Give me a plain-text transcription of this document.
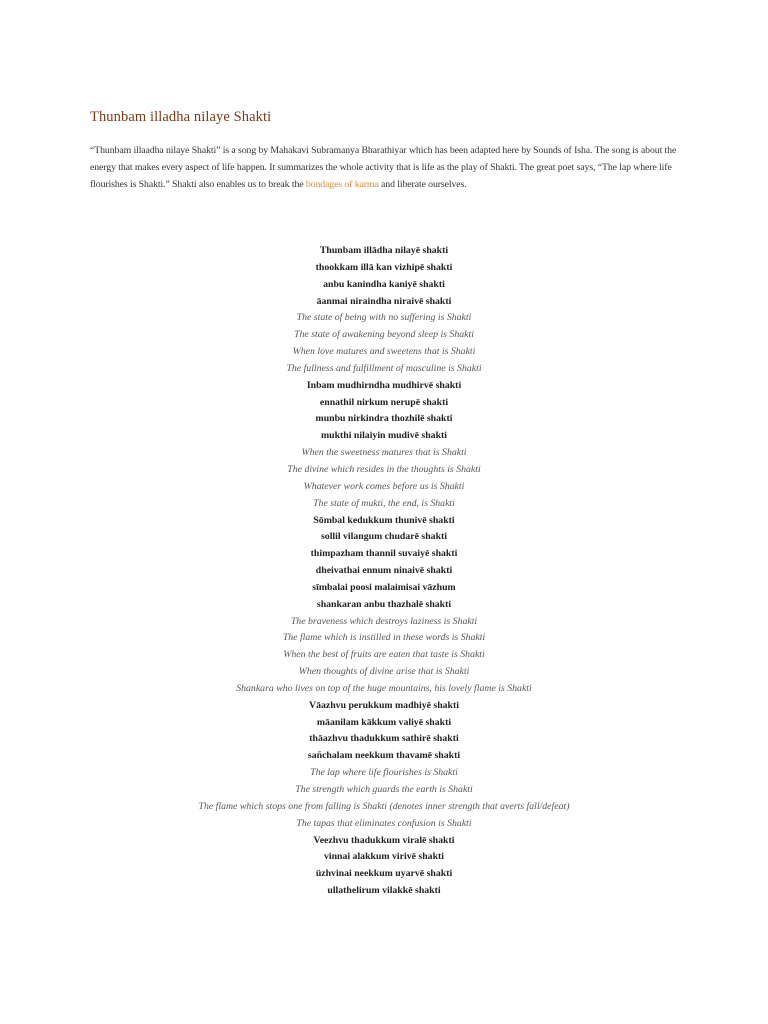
Thunbam illadha nilaye Shakti

“Thunbam illaadha nilaye Shakti” is a song by Mahakavi Subramanya Bharathiyar which has been adapted here by Sounds of Isha. The song is about the energy that makes every aspect of life happen. It summarizes the whole activity that is life as the play of Shakti. The great poet says, “The lap where life flourishes is Shakti.” Shakti also enables us to break the bondages of karma and liberate ourselves.

Thunbam illādha nilayē shakti
thookkam illā kan vizhipē shakti
anbu kanindha kaniyē shakti
āanmai niraindha niraivē shakti
The state of being with no suffering is Shakti
The state of awakening beyond sleep is Shakti
When love matures and sweetens that is Shakti
The fullness and fulfillment of masculine is Shakti
Inbam mudhirndha mudhirvē shakti
ennathil nirkum nerupē shakti
munbu nirkindra thozhilē shakti
mukthi nilaiyin mudivē shakti
When the sweetness matures that is Shakti
The divine which resides in the thoughts is Shakti
Whatever work comes before us is Shakti
The state of mukti, the end, is Shakti
Sōmbal kedukkum thunivē shakti
sollil vilangum chudarē shakti
thimpazham thannil suvaiyē shakti
dheivathai ennum ninaivē shakti
sīmbalai poosi malaimisai vāzhum
shankaran anbu thazhalē shakti
The braveness which destroys laziness is Shakti
The flame which is instilled in these words is Shakti
When the best of fruits are eaten that taste is Shakti
When thoughts of divine arise that is Shakti
Shankara who lives on top of the huge mountains, his lovely flame is Shakti
Vāazhvu perukkum madhiyē shakti
māanilam kākkum valiyē shakti
thāazhvu thadukkum sathirē shakti
sañchalam neekkum thavamē shakti
The lap where life flourishes is Shakti
The strength which guards the earth is Shakti
The flame which stops one from falling is Shakti (denotes inner strength that averts fall/defeat)
The tapas that eliminates confusion is Shakti
Veezhvu thadukkum viralē shakti
vinnai alakkum virivē shakti
ūzhvinai neekkum uyarvē shakti
ullathelirum vilakkē shakti
